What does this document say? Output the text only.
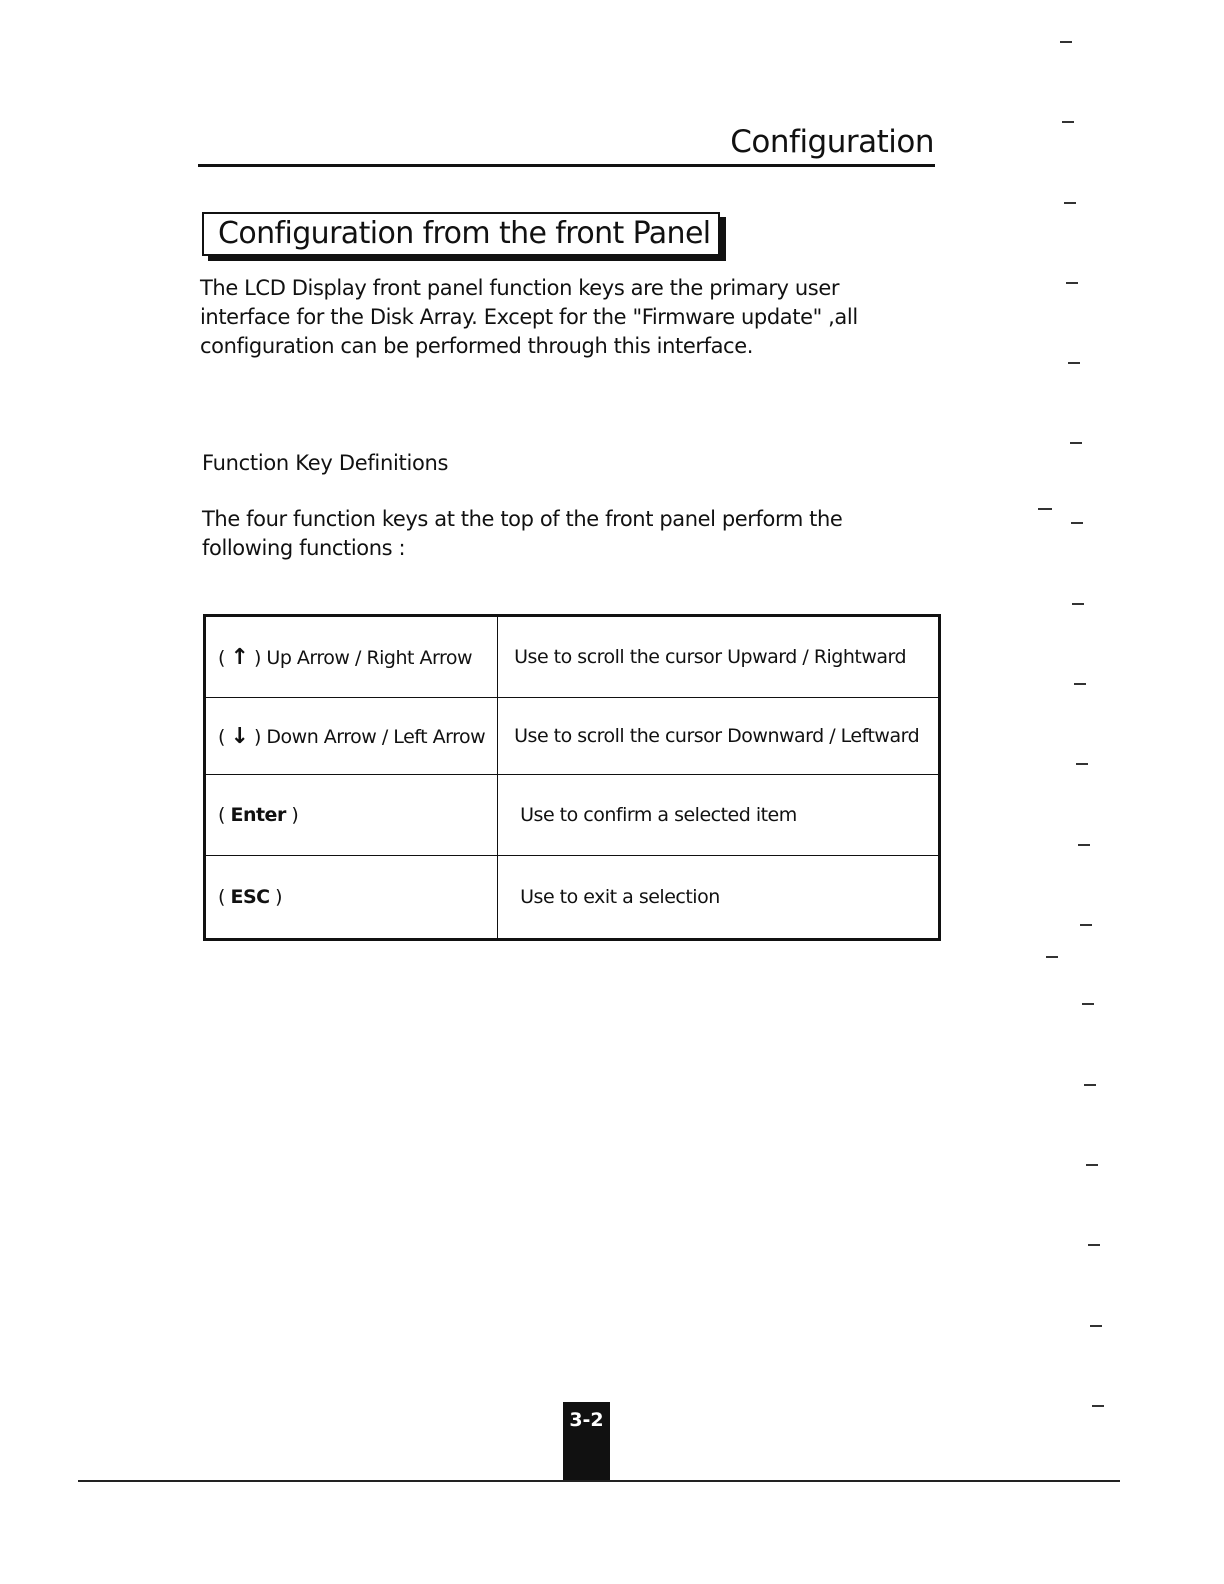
Configuration
Configuration from the front Panel
The LCD Display front panel function keys are the primary user interface for the Disk Array. Except for the "Firmware update" ,all configuration can be performed through this interface.
Function Key Definitions
The four function keys at the top of the front panel perform the following functions :
( ↑ ) Up Arrow / Right Arrow	Use to scroll the cursor Upward / Rightward
( ↓ ) Down Arrow / Left Arrow	Use to scroll the cursor Downward / Leftward
( Enter )	Use to confirm a selected item
( ESC )	Use to exit a selection
3-2
